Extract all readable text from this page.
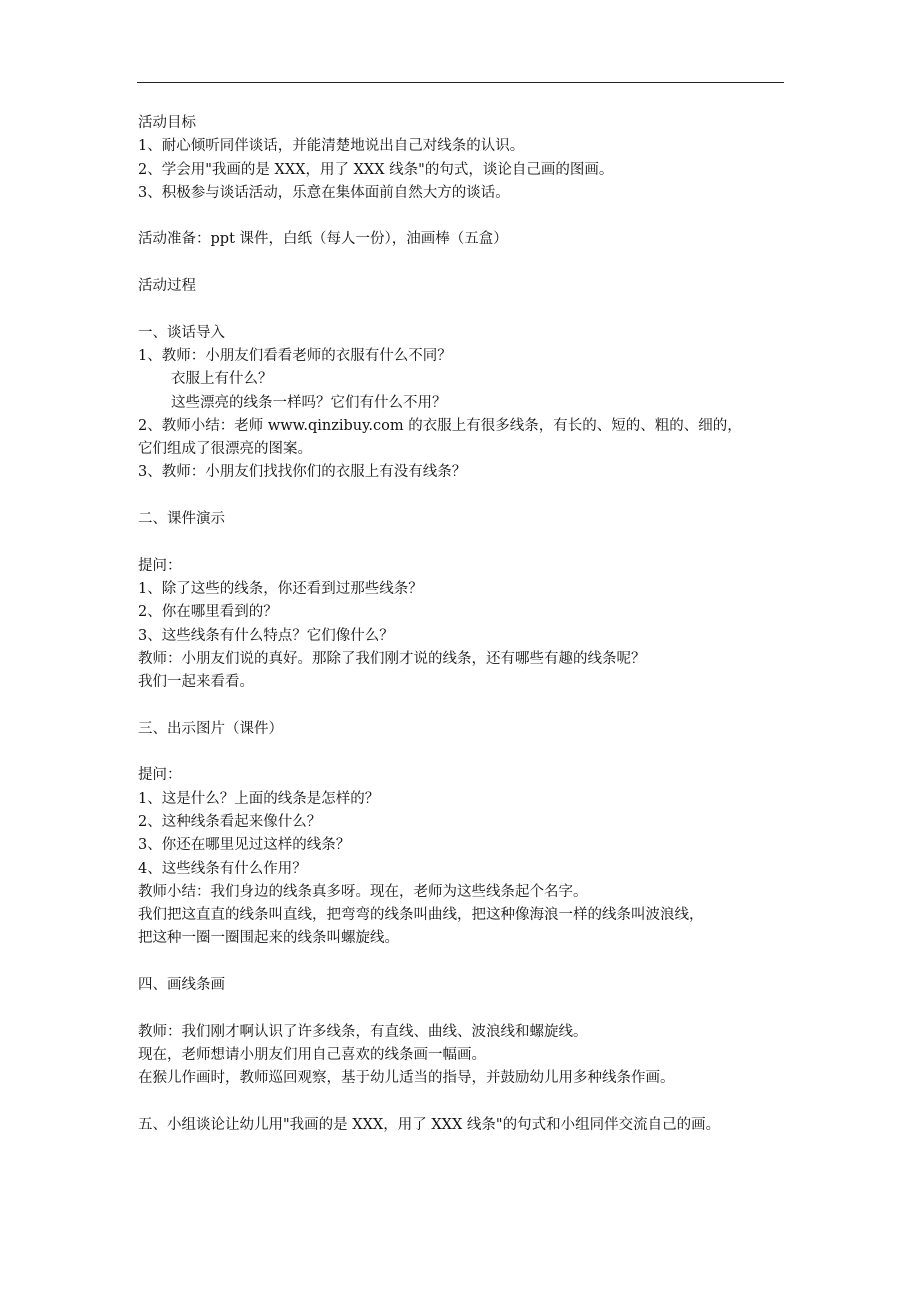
活动目标
1、耐心倾听同伴谈话，并能清楚地说出自己对线条的认识。
2、学会用"我画的是 XXX，用了 XXX 线条"的句式，谈论自己画的图画。
3、积极参与谈话活动，乐意在集体面前自然大方的谈话。
活动准备：ppt 课件，白纸（每人一份），油画棒（五盒）
活动过程
一、谈话导入
1、教师：小朋友们看看老师的衣服有什么不同？
衣服上有什么？
这些漂亮的线条一样吗？它们有什么不用？
2、教师小结：老师 www.qinzibuy.com 的衣服上有很多线条，有长的、短的、粗的、细的，
它们组成了很漂亮的图案。
3、教师：小朋友们找找你们的衣服上有没有线条？
二、课件演示
提问：
1、除了这些的线条，你还看到过那些线条？
2、你在哪里看到的？
3、这些线条有什么特点？它们像什么？
教师：小朋友们说的真好。那除了我们刚才说的线条，还有哪些有趣的线条呢？
我们一起来看看。
三、出示图片（课件）
提问：
1、这是什么？上面的线条是怎样的？
2、这种线条看起来像什么？
3、你还在哪里见过这样的线条？
4、这些线条有什么作用？
教师小结：我们身边的线条真多呀。现在，老师为这些线条起个名字。
我们把这直直的线条叫直线，把弯弯的线条叫曲线，把这种像海浪一样的线条叫波浪线，
把这种一圈一圈围起来的线条叫螺旋线。
四、画线条画
教师：我们刚才啊认识了许多线条，有直线、曲线、波浪线和螺旋线。
现在，老师想请小朋友们用自己喜欢的线条画一幅画。
在猴儿作画时，教师巡回观察，基于幼儿适当的指导，并鼓励幼儿用多种线条作画。
五、小组谈论让幼儿用"我画的是 XXX，用了 XXX 线条"的句式和小组同伴交流自己的画。
